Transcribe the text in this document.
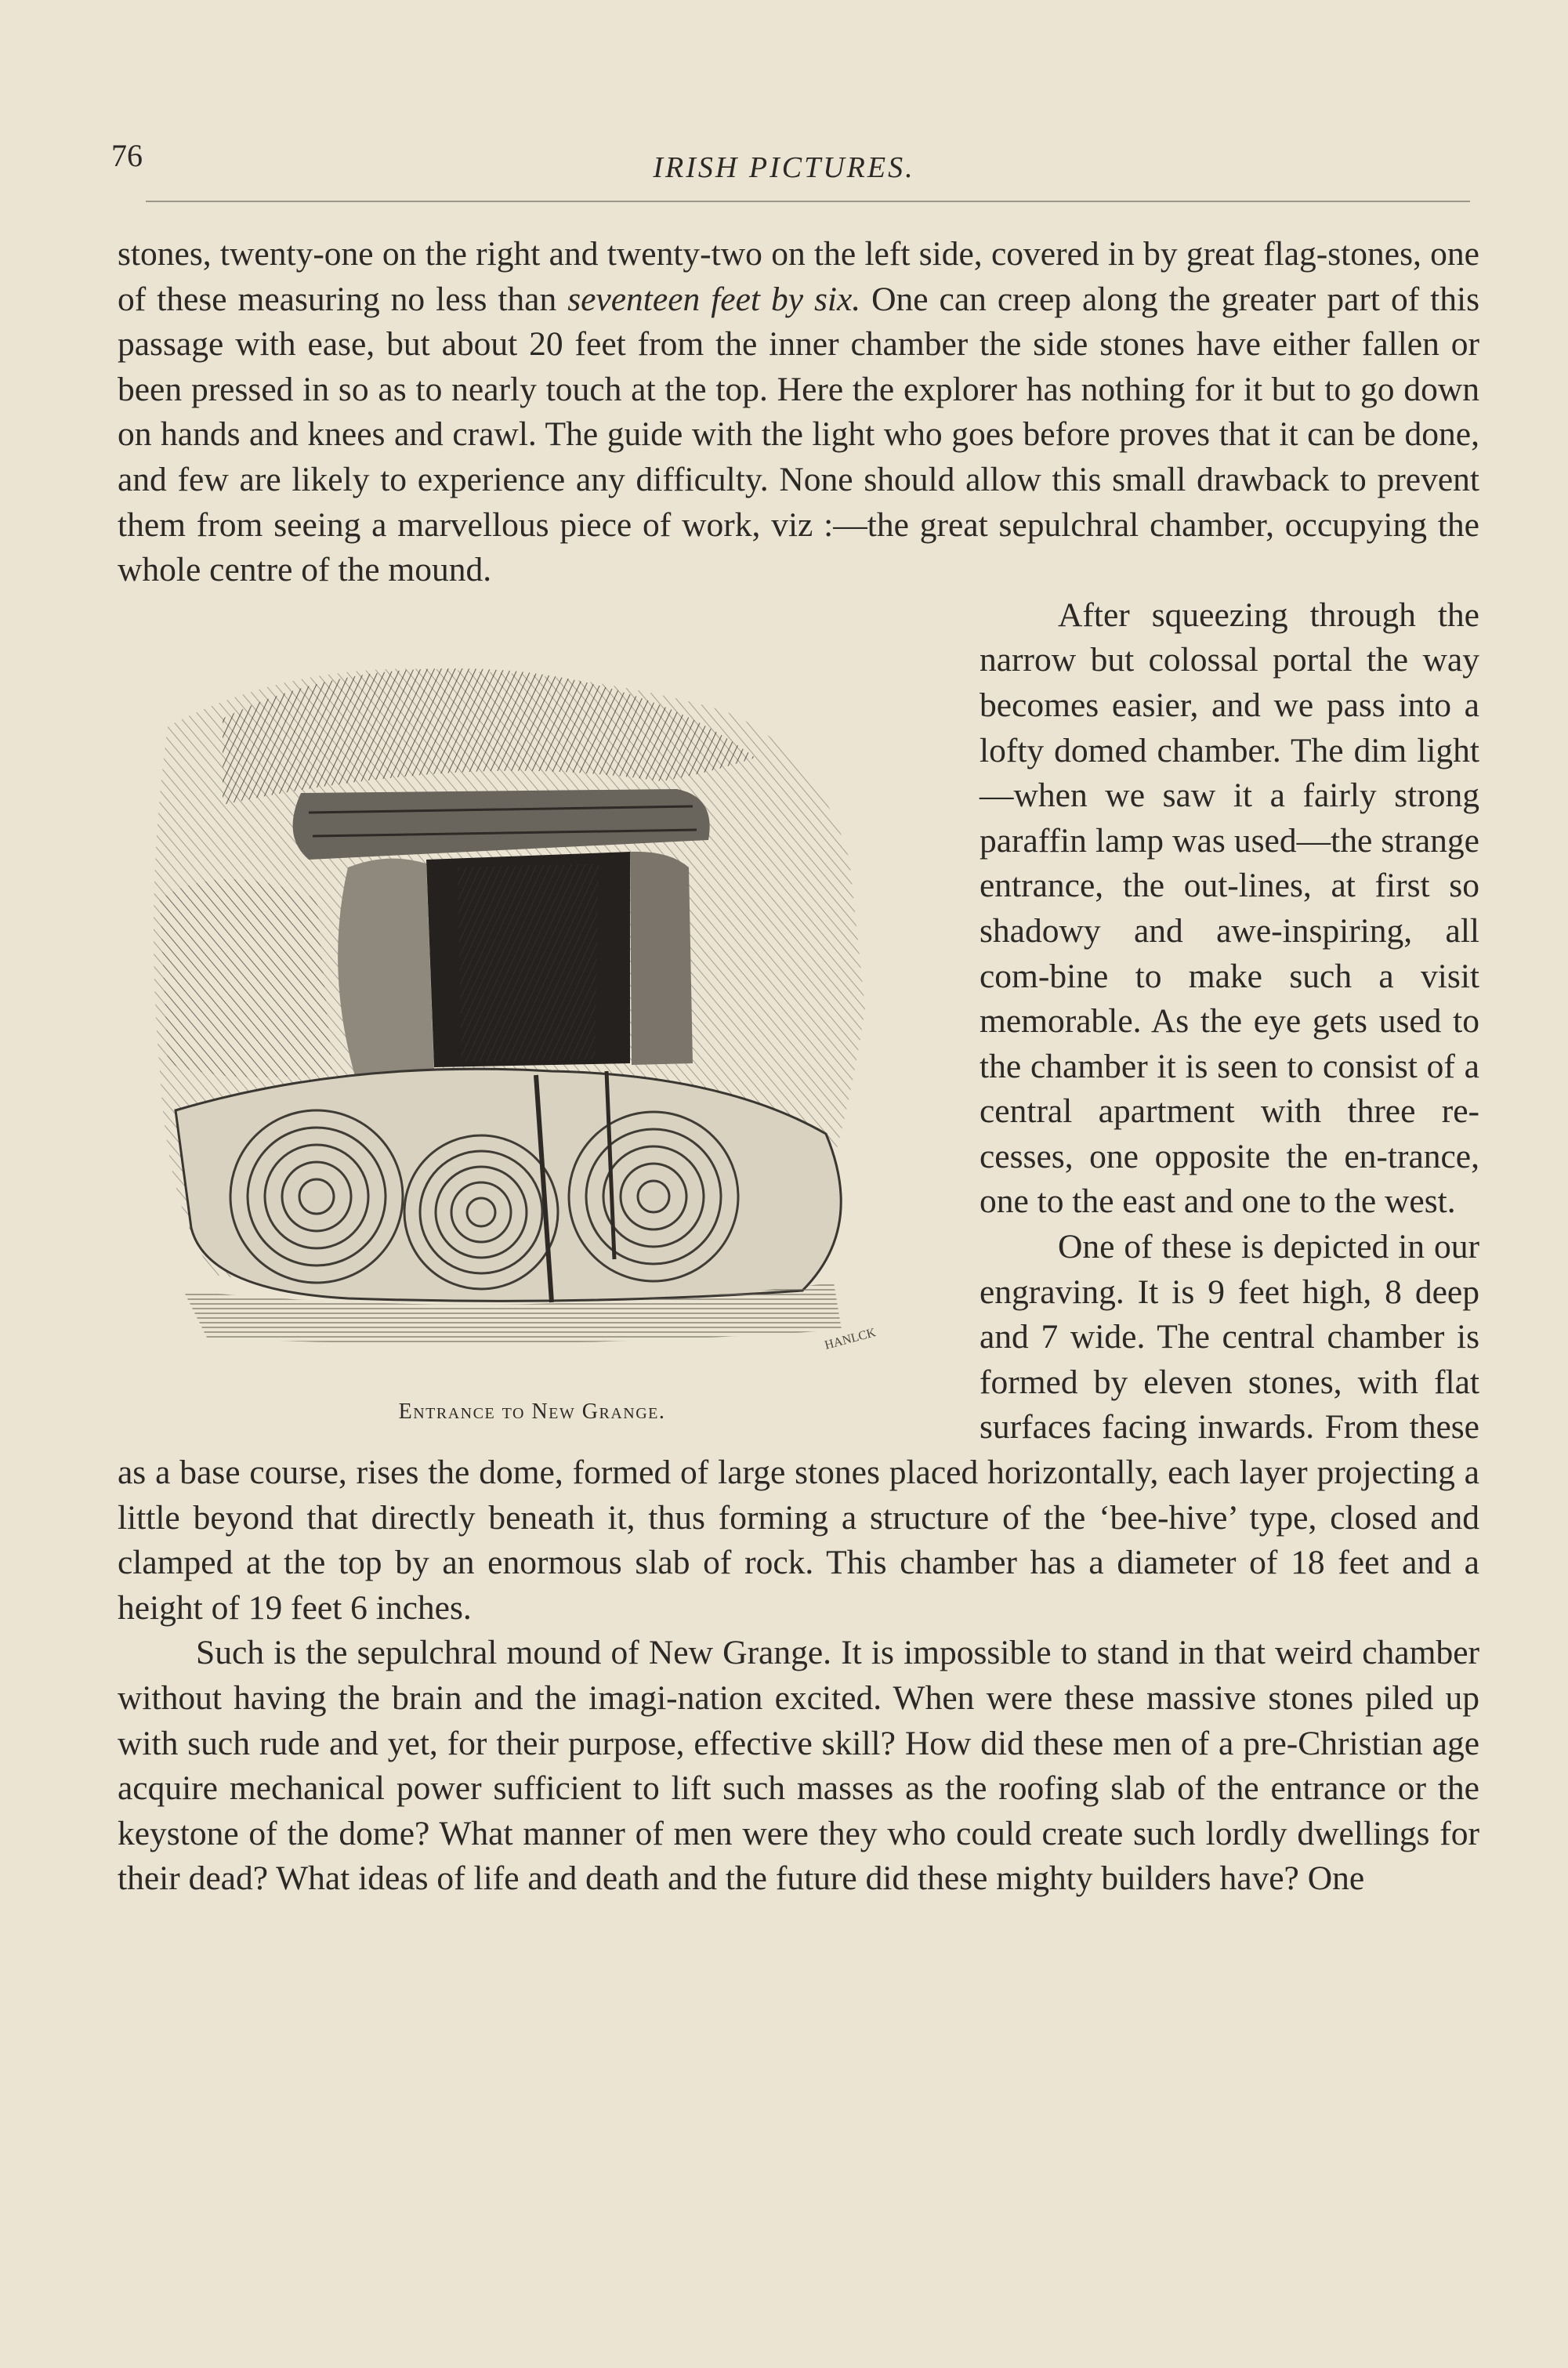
76	IRISH PICTURES.

stones, twenty-one on the right and twenty-two on the left side, covered in by great flag-stones, one of these measuring no less than seventeen feet by six. One can creep along the greater part of this passage with ease, but about 20 feet from the inner chamber the side stones have either fallen or been pressed in so as to nearly touch at the top. Here the explorer has nothing for it but to go down on hands and knees and crawl. The guide with the light who goes before proves that it can be done, and few are likely to experience any difficulty. None should allow this small drawback to prevent them from seeing a marvellous piece of work, viz :—the great sepulchral chamber, occupying the whole centre of the mound.

HANLCK
Entrance to New Grange.

After squeezing through the narrow but colossal portal the way becomes easier, and we pass into a lofty domed chamber. The dim light—when we saw it a fairly strong paraffin lamp was used—the strange entrance, the out-lines, at first so shadowy and awe-inspiring, all com-bine to make such a visit memorable. As the eye gets used to the chamber it is seen to consist of a central apartment with three re-cesses, one opposite the en-trance, one to the east and one to the west.

One of these is depicted in our engraving. It is 9 feet high, 8 deep and 7 wide. The central chamber is formed by eleven stones, with flat surfaces facing inwards. From these as a base course, rises the dome, formed of large stones placed horizontally, each layer projecting a little beyond that directly beneath it, thus forming a structure of the ‘bee-hive’ type, closed and clamped at the top by an enormous slab of rock. This chamber has a diameter of 18 feet and a height of 19 feet 6 inches.

Such is the sepulchral mound of New Grange. It is impossible to stand in that weird chamber without having the brain and the imagi-nation excited. When were these massive stones piled up with such rude and yet, for their purpose, effective skill? How did these men of a pre-Christian age acquire mechanical power sufficient to lift such masses as the roofing slab of the entrance or the keystone of the dome? What manner of men were they who could create such lordly dwellings for their dead? What ideas of life and death and the future did these mighty builders have? One
